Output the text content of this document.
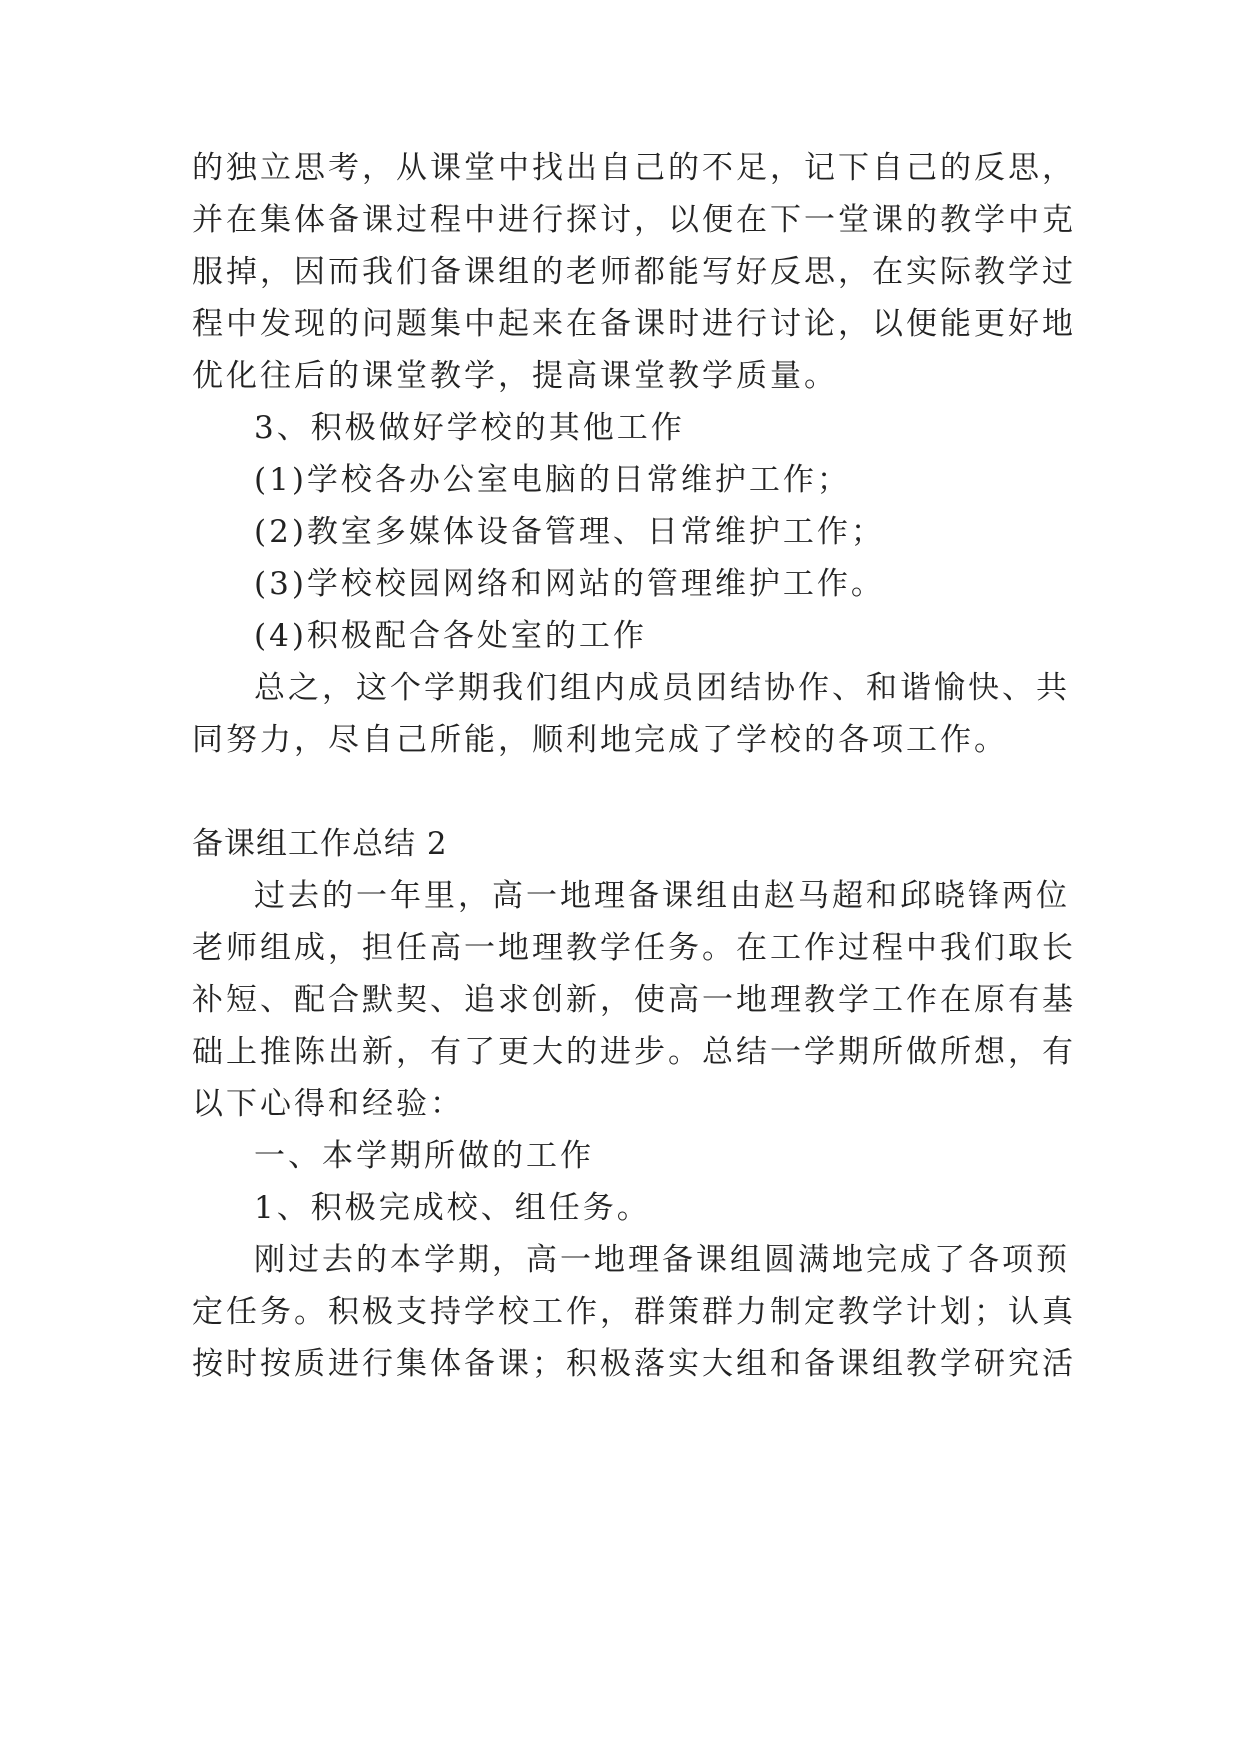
的独立思考，从课堂中找出自己的不足，记下自己的反思，
并在集体备课过程中进行探讨，以便在下一堂课的教学中克
服掉，因而我们备课组的老师都能写好反思，在实际教学过
程中发现的问题集中起来在备课时进行讨论，以便能更好地
优化往后的课堂教学，提高课堂教学质量。
3、积极做好学校的其他工作
(1)学校各办公室电脑的日常维护工作；
(2)教室多媒体设备管理、日常维护工作；
(3)学校校园网络和网站的管理维护工作。
(4)积极配合各处室的工作
总之，这个学期我们组内成员团结协作、和谐愉快、共
同努力，尽自己所能，顺利地完成了学校的各项工作。
备课组工作总结 2
过去的一年里，高一地理备课组由赵马超和邱晓锋两位
老师组成，担任高一地理教学任务。在工作过程中我们取长
补短、配合默契、追求创新，使高一地理教学工作在原有基
础上推陈出新，有了更大的进步。总结一学期所做所想，有
以下心得和经验：
一、本学期所做的工作
1、积极完成校、组任务。
刚过去的本学期，高一地理备课组圆满地完成了各项预
定任务。积极支持学校工作，群策群力制定教学计划；认真
按时按质进行集体备课；积极落实大组和备课组教学研究活
